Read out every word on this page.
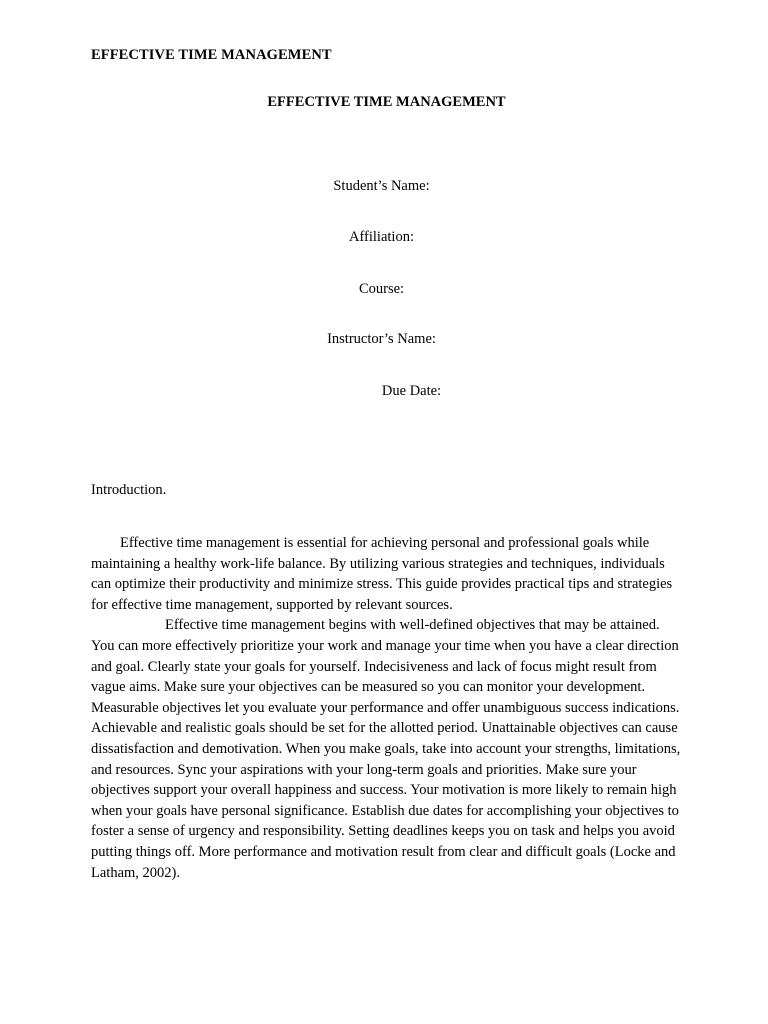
EFFECTIVE TIME MANAGEMENT
EFFECTIVE TIME MANAGEMENT
Student’s Name:
Affiliation:
Course:
Instructor’s Name:
Due Date:
Introduction.

Effective time management is essential for achieving personal and professional goals while maintaining a healthy work-life balance. By utilizing various strategies and techniques, individuals can optimize their productivity and minimize stress. This guide provides practical tips and strategies for effective time management, supported by relevant sources.

Effective time management begins with well-defined objectives that may be attained. You can more effectively prioritize your work and manage your time when you have a clear direction and goal. Clearly state your goals for yourself. Indecisiveness and lack of focus might result from vague aims. Make sure your objectives can be measured so you can monitor your development. Measurable objectives let you evaluate your performance and offer unambiguous success indications. Achievable and realistic goals should be set for the allotted period. Unattainable objectives can cause dissatisfaction and demotivation. When you make goals, take into account your strengths, limitations, and resources. Sync your aspirations with your long-term goals and priorities. Make sure your objectives support your overall happiness and success. Your motivation is more likely to remain high when your goals have personal significance. Establish due dates for accomplishing your objectives to foster a sense of urgency and responsibility. Setting deadlines keeps you on task and helps you avoid putting things off. More performance and motivation result from clear and difficult goals (Locke and Latham, 2002).
